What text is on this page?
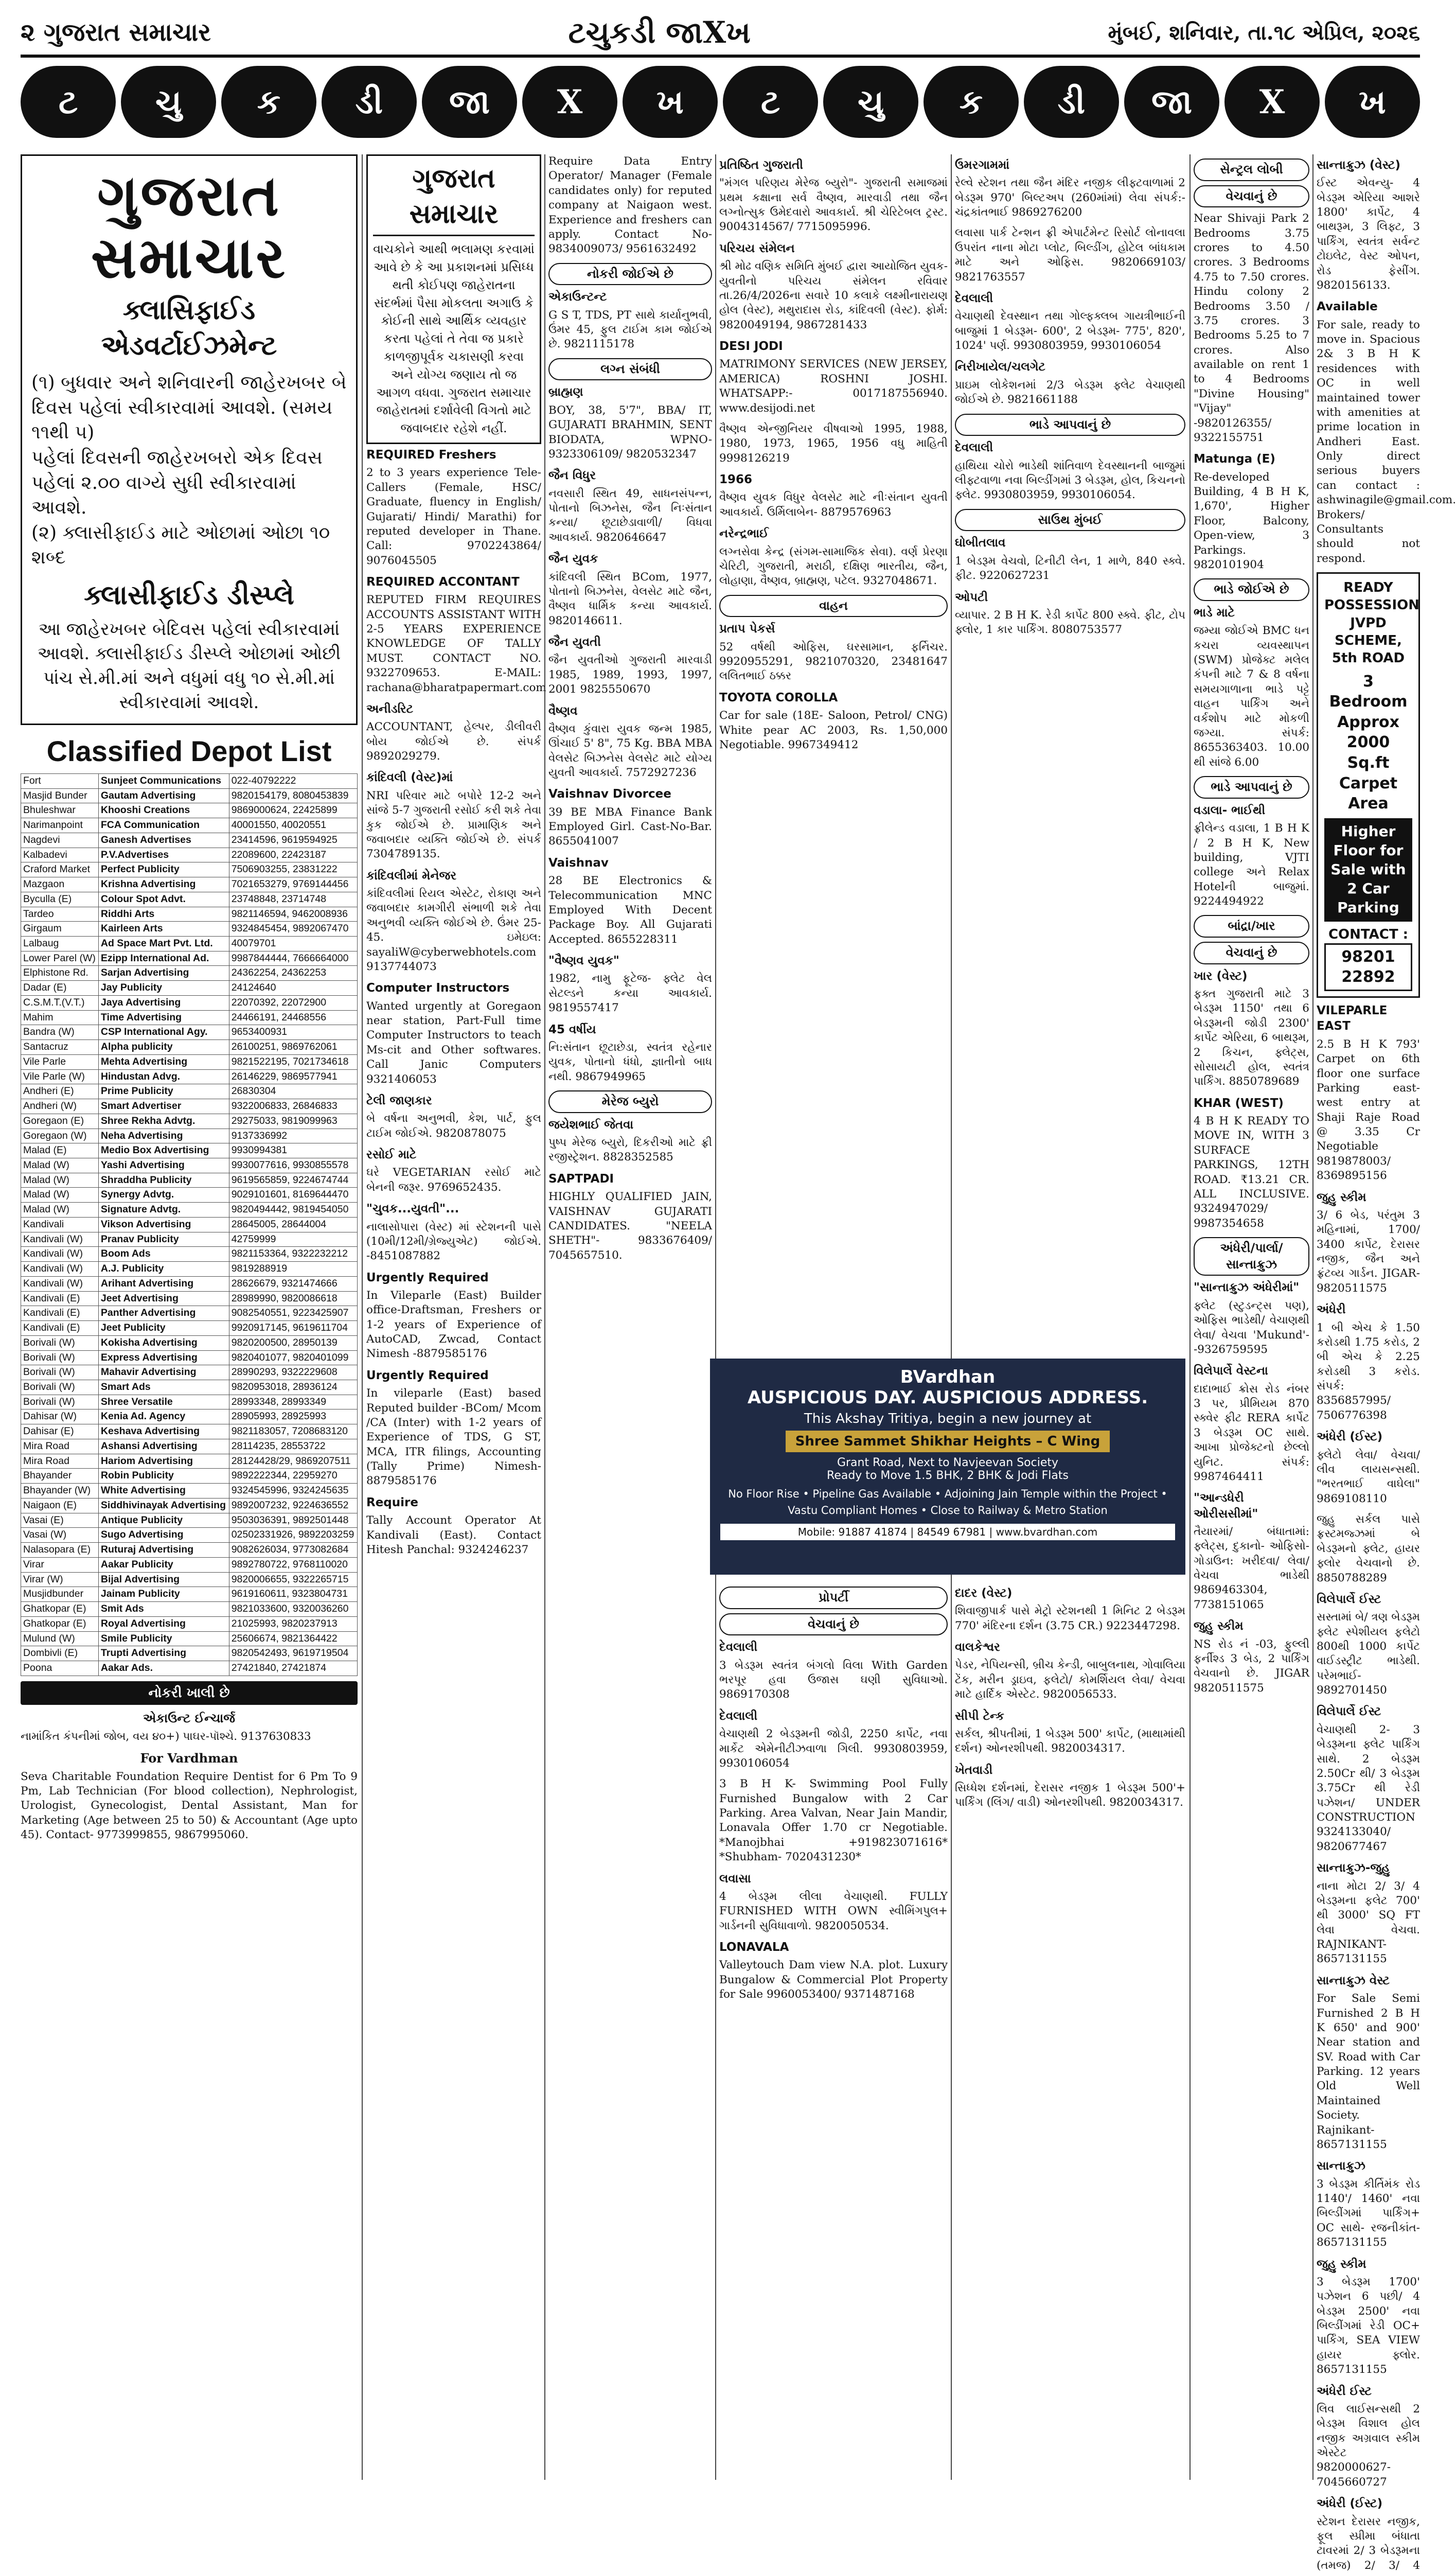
૨ ગુજરાત સમાચાર	ટચુકડી જાXખ	મુંબઈ, શનિવાર, તા.૧૮ એપ્રિલ, ૨૦૨૬
ટ	ચુ	ક	ડી	જા	X	ખ	ટ	ચુ	ક	ડી	જા	X	ખ
ગુજરાત સમાચાર
ક્લાસિફાઈડ એડવર્ટાઈઝમેન્ટ
(૧) બુધવાર અને શનિવારની જાહેરખબર બે દિવસ પહેલાં સ્વીકારવામાં આવશે. (સમય ૧૧થી ૫)
પહેલાં દિવસની જાહેરખબરો એક દિવસ પહેલાં ૨.૦૦ વાગ્યે સુધી સ્વીકારવામાં આવશે.
(૨) ક્લાસીફાઈડ માટે ઓછામાં ઓછા ૧૦ શબ્દ
ક્લાસીફાઈડ ડીસ્પ્લે
આ જાહેરખબર બેદિવસ પહેલાં સ્વીકારવામાં આવશે. ક્લાસીફાઈડ ડીસ્પ્લે ઓછામાં ઓછી પાંચ સે.મી.માં અને વધુમાં વધુ ૧૦ સે.મી.માં સ્વીકારવામાં આવશે.
Classified Depot List
Fort	Sunjeet Communications	022-40792222
Masjid Bunder	Gautam Advertising	9820154179, 8080453839
Bhuleshwar	Khooshi Creations	9869000624, 22425899
Narimanpoint	FCA Communication	40001550, 40020551
Nagdevi	Ganesh Advertises	23414596, 9619594925
Kalbadevi	P.V.Advertises	22089600, 22423187
Craford Market	Perfect Publicity	7506903255, 23831222
Mazgaon	Krishna Advertising	7021653279, 9769144456
Byculla (E)	Colour Spot Advt.	23748848, 23714748
Tardeo	Riddhi Arts	9821146594, 9462008936
Girgaum	Kairleen Arts	9324845454, 9892067470
Lalbaug	Ad Space Mart Pvt. Ltd.	40079701
Lower Parel (W)	Ezipp International Ad.	9987844444, 7666664000
Elphistone Rd.	Sarjan Advertising	24362254, 24362253
Dadar (E)	Jay Publicity	24124640
C.S.M.T.(V.T.)	Jaya Advertising	22070392, 22072900
Mahim	Time Advertising	24466191, 24468556
Bandra (W)	CSP International Agy.	9653400931
Santacruz	Alpha publicity	26100251, 9869762061
Vile Parle	Mehta Advertising	9821522195, 7021734618
Vile Parle (W)	Hindustan Advg.	26146229, 9869577941
Andheri (E)	Prime Publicity	26830304
Andheri (W)	Smart Advertiser	9322006833, 26846833
Goregaon (E)	Shree Rekha Advtg.	29275033, 9819099963
Goregaon (W)	Neha Advertising	9137336992
Malad (E)	Medio Box Advertising	9930994381
Malad (W)	Yashi Advertising	9930077616, 9930855578
Malad (W)	Shraddha Publicity	9619565859, 9224674744
Malad (W)	Synergy Advtg.	9029101601, 8169644470
Malad (W)	Signature Advtg.	9820494442, 9819454050
Kandivali	Vikson Advertising	28645005, 28644004
Kandivali (W)	Pranav Publicity	42759999
Kandivali (W)	Boom Ads	9821153364, 9322232212
Kandivali (W)	A.J. Publicity	9819288919
Kandivali (W)	Arihant Advertising	28626679, 9321474666
Kandivali (E)	Jeet Advertising	28989990, 9820086618
Kandivali (E)	Panther Advertising	9082540551, 9223425907
Kandivali (E)	Jeet Publicity	9920917145, 9619611704
Borivali (W)	Kokisha Advertising	9820200500, 28950139
Borivali (W)	Express Advertising	9820401077, 9820401099
Borivali (W)	Mahavir Advertising	28990293, 9322229608
Borivali (W)	Smart Ads	9820953018, 28936124
Borivali (W)	Shree Versatile	28993348, 28993349
Dahisar (W)	Kenia Ad. Agency	28905993, 28925993
Dahisar (E)	Keshava Advertising	9821183057, 7208683120
Mira Road	Ashansi Advertising	28114235, 28553722
Mira Road	Hariom Advertising	28124428/29, 9869207511
Bhayander	Robin Publicity	9892222344, 22959270
Bhayander (W)	White Advertising	9324545996, 9324245635
Naigaon (E)	Siddhivinayak Advertising	9892007232, 9224636552
Vasai (E)	Antique Publicity	9503036391, 9892501448
Vasai (W)	Sugo Advertising	02502331926, 9892203259
Nalasopara (E)	Ruturaj Advertising	9082626034, 9773082684
Virar	Aakar Publicity	9892780722, 9768110020
Virar (W)	Bijal Advertising	9820006655, 9322265715
Musjidbunder	Jainam Publicity	9619160611, 9323804731
Ghatkopar (E)	Smit Ads	9821033600, 9320036260
Ghatkopar (E)	Royal Advertising	21025993, 9820237913
Mulund (W)	Smile Publicity	25606674, 9821364422
Dombivli (E)	Trupti Advertising	9820542493, 9619719504
Poona	Aakar Ads.	27421840, 27421874
નોકરી ખાલી છે
એકાઉન્ટ ઈન્ચાર્જ

નામાંકિત કંપનીમાં જોબ, વય ૪૦+) પાઘર-પૉશ્ચે. 9137630833

For Vardhman

Seva Charitable Foundation Require Dentist for 6 Pm To 9 Pm, Lab Technician (For blood collection), Nephrologist, Urologist, Gynecologist, Dental Assistant, Man for Marketing (Age between 25 to 50) & Accountant (Age upto 45). Contact- 9773999855, 9867995060.

ગુજરાત સમાચાર
વાચકોને આથી ભલામણ કરવામાં આવે છે કે આ પ્રકાશનમાં પ્રસિધ્ધ થતી કોઈપણ જાહેરાતના સંદર્ભમાં પૈસા મોકલતા અગાઉ કે કોઈની સાથે આર્થિક વ્યવહાર કરતા પહેલાં તે તેવા જ પ્રકારે કાળજીપૂર્વક ચકાસણી કરવા અને યોગ્ય જણાય તો જ આગળ વધવા. ગુજરાત સમાચાર જાહેરાતમાં દર્શાવેલી વિગતો માટે જવાબદાર રહેશે નહીં.
REQUIRED Freshers

2 to 3 years experience Tele-Callers (Female, HSC/ Graduate, fluency in English/ Gujarati/ Hindi/ Marathi) for reputed developer in Thane. Call: 9702243864/ 9076045505

REQUIRED ACCONTANT

REPUTED FIRM REQUIRES ACCOUNTS ASSISTANT WITH 2-5 YEARS EXPERIENCE KNOWLEDGE OF TALLY MUST. CONTACT NO. 9322709653. E-MAIL: rachana@bharatpapermart.com

અનીડરિટ

ACCOUNTANT, હેલ્પર, ડીલીવરી બોય જોઈએ છે. સંપર્ક 9892029279.

કાંદિવલી (વેસ્ટ)માં

NRI પરિવાર માટે બપોરે 12-2 અને સાંજે 5-7 ગુજરાતી રસોઈ કરી શકે તેવા કુક જોઈએ છે. પ્રામાણિક અને જવાબદાર વ્યક્તિ જોઈએ છે. સંપર્ક 7304789135.

કાંદિવલીમાં મેનેજર

કાંદિવલીમાં રિયલ એસ્ટેટ, રોકાણ અને જવાબદાર કામગીરી સંભાળી શકે તેવા અનુભવી વ્યક્તિ જોઈએ છે. ઉંમર 25-45. ઇમેઇલ: sayaliW@cyberwebhotels.com 9137744073

Computer Instructors

Wanted urgently at Goregaon near station, Part-Full time Computer Instructors to teach Ms-cit and Other softwares. Call Janic Computers 9321406053

ટેલી જાણકાર

બે વર્ષના અનુભવી, કેશ, પાર્ટ, ફુલ ટાઈમ જોઈએ. 9820878075

રસોઈ માટે

ઘરે VEGETARIAN રસોઈ માટે બેનની જરૂર. 9769652435.

"ચુવક...યુવતી"...

નાલાસોપારા (વેસ્ટ) માં સ્ટેશનની પાસે (10મી/12મી/ગ્રેજ્યુએટ) જોઈએ. -8451087882

Urgently Required

In Vileparle (East) Builder office-Draftsman, Freshers or 1-2 years of Experience of AutoCAD, Zwcad, Contact Nimesh -8879585176

Urgently Required

In vileparle (East) based Reputed builder -BCom/ Mcom /CA (Inter) with 1-2 years of Experience of TDS, G ST, MCA, ITR filings, Accounting (Tally Prime) Nimesh- 8879585176

Require

Tally Account Operator At Kandivali (East). Contact Hitesh Panchal: 9324246237

Require Data Entry Operator/ Manager (Female candidates only) for reputed company at Naigaon west. Experience and freshers can apply. Contact No- 9834009073/ 9561632492

નોકરી જોઈએ છે
એકાઉન્ટન્ટ

G S T, TDS, PT સાથે કાર્યાનુભવી, ઉંમર 45, ફુલ ટાઈમ કામ જોઈએ છે. 9821115178

લગ્ન સંબંધી
બ્રાહ્મણ

BOY, 38, 5'7", BBA/ IT, GUJARATI BRAHMIN, SENT BIODATA, WPNO- 9323306109/ 9820532347

જૈન વિધુર

નવસારી સ્થિત 49, સાધનસંપન્ન, પોતાનો બિઝનેસ, જૈન નિઃસંતાન કન્યા/ છૂટાછેડાવાળી/ વિધવા આવકાર્ય. 9820646647

જૈન યુવક

કાંદિવલી સ્થિત BCom, 1977, પોતાનો બિઝનેસ, વેલસેટ માટે જૈન, વૈષ્ણવ ધાર્મિક કન્યા આવકાર્ય. 9820146611.

જૈન યુવતી

જૈન યુવતીઓ ગુજરાતી મારવાડી 1985, 1989, 1993, 1997, 2001 9825550670

વૈષ્ણવ

વૈષ્ણવ કુંવારા યુવક જન્મ 1985, ઊંચાઈ 5' 8", 75 Kg. BBA MBA વેલસેટ બિઝનેસ વેલસેટ માટે યોગ્ય યુવતી આવકાર્ય. 7572927236

Vaishnav Divorcee

39 BE MBA Finance Bank Employed Girl. Cast-No-Bar. 8655041007

Vaishnav

28 BE Electronics & Telecommunication MNC Employed With Decent Package Boy. All Gujarati Accepted. 8655228311

"વૈષ્ણવ યુવક"

1982, નામુ ફૂટેજ- ફ્લેટ વેલ સેટલ્ડને કન્યા આવકાર્ય. 9819557417

45 વર્ષીય

નિ:સંતાન છૂટાછેડા, સ્વતંત્ર રહેનાર યુવક, પોતાનો ધંધો, જ્ઞાતીનો બાધ નથી. 9867949965

મેરેજ બ્યુરો
જયેશભાઈ જેતવા

પુષ્પ મેરેજ બ્યુરો, દિકરીઓ માટે ફ્રી રજીસ્ટ્રેશન. 8828352585

SAPTPADI

HIGHLY QUALIFIED JAIN, VAISHNAV GUJARATI CANDIDATES. "NEELA SHETH"- 9833676409/ 7045657510.

પ્રતિષ્ઠિત ગુજરાતી

"મંગલ પરિણય મેરેજ બ્યુરો"- ગુજરાતી સમાજમાં પ્રથમ કક્ષાના સર્વ વૈષ્ણવ, મારવાડી તથા જૈન લગ્નોત્સુક ઉમેદવારો આવકાર્ય. શ્રી ચેરિટેબલ ટ્રસ્ટ. 9004314567/ 7715095996.

પરિચય સંમેલન

શ્રી મોઢ વણિક સમિતિ મુંબઈ દ્વારા આયોજિત યુવક-યુવતીનો પરિચય સંમેલન રવિવાર તા.26/4/2026ના સવારે 10 કલાકે લક્ષ્મીનારાયણ હોલ (વેસ્ટ), મથુરાદાસ રોડ, કાંદિવલી (વેસ્ટ). ફોર્મ: 9820049194, 9867281433

DESI JODI

MATRIMONY SERVICES (NEW JERSEY, AMERICA) ROSHNI JOSHI. WHATSAPP:- 0017187556940. www.desijodi.net

વૈષ્ણવ એન્જીનિયર વીષવાઓ 1995, 1988, 1980, 1973, 1965, 1956 વધુ માહિતી 9998126219

1966

વૈષ્ણવ યુવક વિધુર વેલસેટ માટે નીઃસંતાન યુવતી આવકાર્ય. ઉર્મિલાબેન- 8879576963

નરેન્દ્રભાઈ

લગ્નસેવા કેન્દ્ર (સંગમ-સામાજિક સેવા). વર્ણ પ્રેરણા ચેરિટી, ગુજરાતી, મરાઠી, દક્ષિણ ભારતીય, જૈન, લોહાણા, વૈષ્ણવ, બ્રાહ્મણ, પટેલ. 9327048671.

વાહન
પ્રતાપ પેકર્સ

52 વર્ષથી ઓફિસ, ઘરસામાન, ફર્નિચર. 9920955291, 9821070320, 23481647 લલિતભાઈ ઠક્કર

TOYOTA COROLLA

Car for sale (18E- Saloon, Petrol/ CNG) White pear AC 2003, Rs. 1,50,000 Negotiable. 9967349412

પ્રોપર્ટી
વેચવાનું છે
દેવલાલી

3 બેડરૂમ સ્વતંત્ર બંગલો વિલા With Garden ભરપૂર હવા ઉજાસ ઘણી સુવિધાઓ. 9869170308

દેવલાલી

વેચાણથી 2 બેડરૂમની જોડી, 2250 કાર્પેટ, નવા માર્કેટ એમેનીટીઝવાળા ગિલી. 9930803959, 9930106054

3 B H K- Swimming Pool Fully Furnished Bungalow with 2 Car Parking. Area Valvan, Near Jain Mandir, Lonavala Offer 1.70 cr Negotiable. *Manojbhai +919823071616* *Shubham- 7020431230*

લવાસા

4 બેડરૂમ લીલા વેચાણથી. FULLY FURNISHED WITH OWN સ્વીમિંગપુલ+ ગાર્ડનની સુવિધાવાળો. 9820050534.

LONAVALA

Valleytouch Dam view N.A. plot. Luxury Bungalow & Commercial Plot Property for Sale 9960053400/ 9371487168

ઉમરગામમાં

રેલ્વે સ્ટેશન તથા જૈન મંદિર નજીક લીફ્ટવાળામાં 2 બેડરૂમ 970' બિલ્ટઅપ (260માંમાં) લેવા સંપર્ક:- ચંદ્રકાંતભાઈ 9869276200

લવાસા પાર્ક ટેન્શન ફ્રી એપાર્ટમેન્ટ રિસોર્ટ લોનાવલા ઉપરાંત નાના મોટા પ્લોટ, બિલ્ડીંગ, હોટેલ બાંધકામ માટે અને ઓફિસ. 9820669103/ 9821763557

દેવલાલી

વેચાણથી દેવસ્થાન તથા ગોલ્ફક્લબ ગાયત્રીભાઈની બાજુમાં 1 બેડરૂમ- 600', 2 બેડરૂમ- 775', 820', 1024' પર્ણ. 9930803959, 9930106054

નિરીખાયેલ/ચલગેટ

પ્રાઇમ લોકેશનમાં 2/3 બેડરૂમ ફ્લેટ વેચાણથી જોઈએ છે. 9821661188

ભાડે આપવાનું છે
દેવલાલી

હાથિયા ચોરો ભાડેથી શાંતિવાળ દેવસ્થાનની બાજુમાં લીફ્ટવાળા નવા બિલ્ડીંગમાં 3 બેડરૂમ, હોલ, કિચનનો ફ્લેટ. 9930803959, 9930106054.

સાઉથ મુંબઈ
ઘોબીતલાવ

1 બેડરૂમ વેચવો, ટિનીટી લેન, 1 માળે, 840 સ્ક્વે. ફીટ. 9220627231

ઓપટી

વ્યાપાર. 2 B H K. રેડી કાર્પેટ 800 સ્ક્વે. ફીટ, ટોપ ફ્લોર, 1 કાર પાર્કિંગ. 8080753577

દાદર (વેસ્ટ)

શિવાજીપાર્ક પાસે મેટ્રો સ્ટેશનથી 1 મિનિટ 2 બેડરૂમ 770' મંદિરના દર્શન (3.75 CR.) 9223447298.

વાલકેશ્વર

પેડર, નેપિયન્સી, બ્રીચ કેન્ડી, બાબુલનાથ, ગોવાલિયા ટેંક, મરીન ડ્રાઇવ, ફલેટો/ કોમર્શિયલ લેવા/ વેચવા માટે હાર્દિક એસ્ટેટ. 9820056533.

સીપી ટેન્ક

સર્કલ, શ્રીપતીમાં, 1 બેડરૂમ 500' કાર્પેટ, (માથામાંથી દર્શન) ઓનરશીપથી. 9820034317.

ખેતવાડી

સિધ્ધેશ દર્શનમાં, દેરાસર નજીક 1 બેડરૂમ 500'+ પાર્કિંગ (લિંગ/ વાડી) ઓનરશીપથી. 9820034317.

BVardhan
AUSPICIOUS DAY. AUSPICIOUS ADDRESS.
This Akshay Tritiya, begin a new journey at
Shree Sammet Shikhar Heights – C Wing
Grant Road, Next to Navjeevan Society
Ready to Move 1.5 BHK, 2 BHK & Jodi Flats
No Floor Rise • Pipeline Gas Available • Adjoining Jain Temple within the Project • Vastu Compliant Homes • Close to Railway & Metro Station
Mobile: 91887 41874 | 84549 67981 | www.bvardhan.com
સેન્ટ્રલ લોબી
વેચવાનું છે

Near Shivaji Park 2 Bedrooms 3.75 crores to 4.50 crores. 3 Bedrooms 4.75 to 7.50 crores. Hindu colony 2 Bedrooms 3.50 / 3.75 crores. 3 Bedrooms 5.25 to 7 crores. Also available on rent 1 to 4 Bedrooms "Divine Housing" "Vijay" -9820126355/ 9322155751

Matunga (E)

Re-developed Building, 4 B H K, 1,670', Higher Floor, Balcony, Open-view, 3 Parkings. 9820101904

ભાડે જોઈએ છે
ભાડે માટે

જમ્યા જોઈએ BMC ધન કચરા વ્યવસ્થાપન (SWM) પ્રોજેક્ટ મલેલ કંપની માટે 7 & 8 વર્ષના સમયગાળાના ભાડે પટ્ટે વાહન પાર્કિંગ અને વર્કશોપ માટે મોકળી જગ્યા. સંપર્ક: 8655363403. 10.00 થી સાંજે 6.00

ભાડે આપવાનું છે
વડાલા- ભાઈથી

ફ્રીલેન્ડ વડાલા, 1 B H K / 2 B H K, New building, VJTI college અને Relax Hotelની બાજુમાં. 9224494922

બાંદ્રા/ખાર
વેચવાનું છે
ખાર (વેસ્ટ)

ફક્ત ગુજરાતી માટે 3 બેડરૂમ 1150' તથા 6 બેડરૂમની જોડી 2300' કાર્પેટ એરિયા, 6 બાથરૂમ, 2 કિચન, ફ્લેટ્સ, સોસાયટી હોલ, સ્વતંત્ર પાર્કિંગ. 8850789689

KHAR (WEST)

4 B H K READY TO MOVE IN, WITH 3 SURFACE PARKINGS, 12TH ROAD. ₹13.21 CR. ALL INCLUSIVE. 9324947029/ 9987354658

અંધેરી/પાર્લા/સાન્તાક્રુઝ
"સાન્તાક્રુઝ અંધેરીમાં"

ફ્લેટ (સ્ટુડન્ટ્સ પણ), ઓફિસ ભાડેથી/ વેચાણથી લેવા/ વેચવા 'Mukund'- -9326759595

વિલેપાર્લે વેસ્ટના

દાદાભાઈ ક્રોસ રોડ નંબર 3 પર, પ્રીમિયમ 870 સ્ક્વેર ફીટ RERA કાર્પેટ 3 બેડરૂમ OC સાથે. આખા પ્રોજેક્ટનો છેલ્લો યુનિટ. સંપર્ક: 9987464411

"આન્ડધેરી ઓરીસસીમાં"

તૈયારમાં/ બંધાતામાં: ફ્લેટ્સ, દુકાનો- ઓફિસો- ગોડાઉન: ખરીદવા/ લેવા/ વેચવા ભાડેથી 9869463304, 7738151065

જુહુ સ્કીમ

NS રોડ નં -03, ફુલ્લી ફર્નીશ્ડ 3 બેડ, 2 પાર્કિંગ વેચવાનો છે. JIGAR 9820511575

સાન્તાક્રુઝ (વેસ્ટ)

ઈસ્ટ એવન્યુ- 4 બેડરૂમ એરિયા આશરે 1800' કાર્પેટ, 4 બાથરૂમ, 3 લિફ્ટ, 3 પાર્કિંગ, સ્વતંત્ર સર્વન્ટ ટોઇલેટ, વેસ્ટ ઓપન, રોડ ફેસીંગ. 9820156133.

Available

For sale, ready to move in. Spacious 2& 3 B H K residences with OC in well maintained tower with amenities at prime location in Andheri East. Only direct serious buyers can contact : ashwinagile@gmail.com. Brokers/ Consultants should not respond.

READY POSSESSION
JVPD SCHEME, 5th ROAD
3 Bedroom Approx 2000 Sq.ft Carpet Area
Higher Floor for Sale with 2 Car Parking
CONTACT :
98201 22892
VILEPARLE EAST

2.5 B H K 793' Carpet on 6th floor one surface Parking east- west entry at Shaji Raje Road @ 3.35 Cr Negotiable 9819878003/ 8369895156

જુહુ સ્કીમ

3/ 6 બેડ, પરંતુમ 3 મહિનામાં, 1700/ 3400 કાર્પેટ, દેરાસર નજીક, જૈન અને ફ્રંટવ્ય ગાર્ડન. JIGAR- 9820511575

અંધેરી

1 બી એચ કે 1.50 કરોડથી 1.75 કરોડ, 2 બી એચ કે 2.25 કરોડથી 3 કરોડ. સંપર્ક: 8356857995/ 7506776398

અંધેરી (ઈસ્ટ)

ફ્લેટો લેવા/ વેચવા/ લીવ લાયસન્સથી. "ભરતભાઈ વાઘેલા" 9869108110

જુહુ સર્કલ પાસે ફ્રસ્ટમજ્ઝમાં બે બેડરૂમનો ફ્લેટ, હાયર ફ્લોર વેચવાનો છે. 8850788289

વિલેપાર્લે ઈસ્ટ

સસ્તામાં બે/ ત્રણ બેડરૂમ ફ્લેટ સ્પેશીયલ ફલેટો 800થી 1000 કાર્પેટ વાઈડસ્ટ્રીટ ભાડેથી. પરેમભાઈ- 9892701450

વિલેપાર્લે ઈસ્ટ

વેચાણથી 2- 3 બેડરૂમના ફ્લેટ પાર્કિંગ સાથે. 2 બેડરૂમ 2.50Cr થી/ 3 બેડરૂમ 3.75Cr થી રેડી પઝેશન/ UNDER CONSTRUCTION 9324133040/ 9820677467

સાન્તાક્રુઝ-જુહુ

નાના મોટા 2/ 3/ 4 બેડરૂમના ફલેટ 700' થી 3000' SQ FT લેવા વેચવા. RAJNIKANT- 8657131155

સાન્તાક્રુઝ વેસ્ટ

For Sale Semi Furnished 2 B H K 650' and 900' Near station and SV. Road with Car Parking. 12 years Old Well Maintained Society. Rajnikant- 8657131155

સાન્તાક્રુઝ

3 બેડરૂમ કીર્તિમંક રોડ 1140'/ 1460' નવા બિલ્ડીંગમાં પાર્કિંગ+ OC સાથે- રજનીકાંત- 8657131155

જુહુ સ્કીમ

3 બેડરૂમ 1700' પઝેશન 6 પછી/ 4 બેડરૂમ 2500' નવા બિલ્ડીંગમાં રેડી OC+ પાર્કિંગ, SEA VIEW હાયર ફ્લોર. 8657131155

અંધેરી ઈસ્ટ

લિવ લાઈસન્સથી 2 બેડરૂમ વિશાલ હોલ નજીક અગ્રવાલ સ્કીમ એસ્ટેટ 9820000627- 7045660727

અંધેરી (ઈસ્ટ)

સ્ટેશન દેરાસર નજીક, ફૂલ સ્પ્રીમા બંધાતા ટાવરમાં 2/ 3 બેડરૂમના (તમજ) 2/ 3/ 4
